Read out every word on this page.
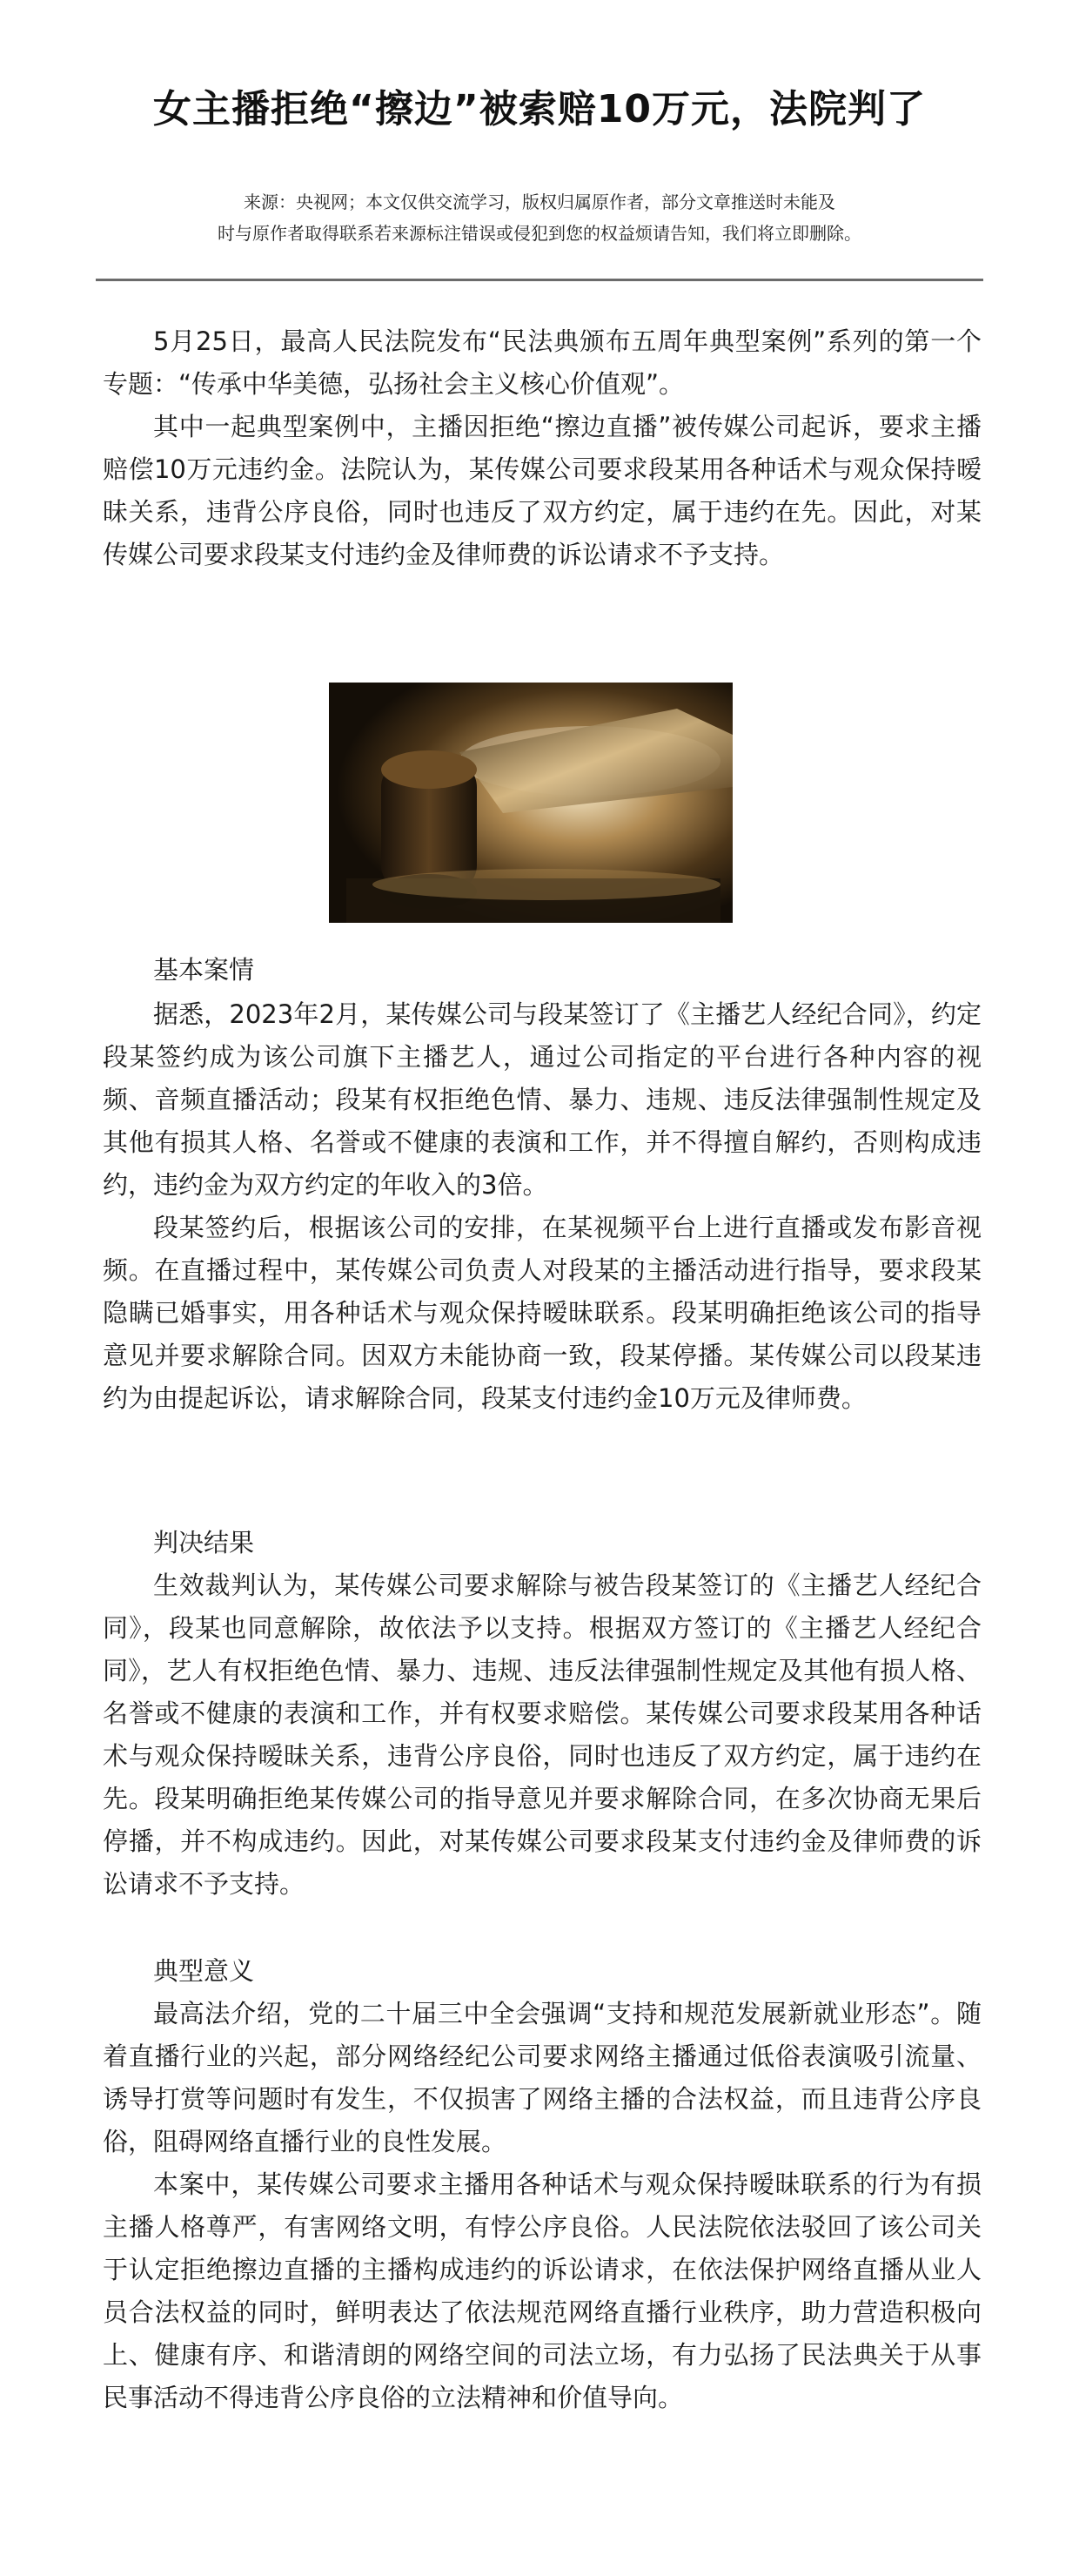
女主播拒绝“擦边”被索赔10万元，法院判了
来源：央视网；本文仅供交流学习，版权归属原作者，部分文章推送时未能及
时与原作者取得联系若来源标注错误或侵犯到您的权益烦请告知，我们将立即删除。

5月25日，最高人民法院发布“民法典颁布五周年典型案例”系列的第一个专题：“传承中华美德，弘扬社会主义核心价值观”。

其中一起典型案例中，主播因拒绝“擦边直播”被传媒公司起诉，要求主播赔偿10万元违约金。法院认为，某传媒公司要求段某用各种话术与观众保持暧昧关系，违背公序良俗，同时也违反了双方约定，属于违约在先。因此，对某传媒公司要求段某支付违约金及律师费的诉讼请求不予支持。

基本案情

据悉，2023年2月，某传媒公司与段某签订了《主播艺人经纪合同》，约定段某签约成为该公司旗下主播艺人，通过公司指定的平台进行各种内容的视频、音频直播活动；段某有权拒绝色情、暴力、违规、违反法律强制性规定及其他有损其人格、名誉或不健康的表演和工作，并不得擅自解约，否则构成违约，违约金为双方约定的年收入的3倍。

段某签约后，根据该公司的安排，在某视频平台上进行直播或发布影音视频。在直播过程中，某传媒公司负责人对段某的主播活动进行指导，要求段某隐瞒已婚事实，用各种话术与观众保持暧昧联系。段某明确拒绝该公司的指导意见并要求解除合同。因双方未能协商一致，段某停播。某传媒公司以段某违约为由提起诉讼，请求解除合同，段某支付违约金10万元及律师费。

判决结果

生效裁判认为，某传媒公司要求解除与被告段某签订的《主播艺人经纪合同》，段某也同意解除，故依法予以支持。根据双方签订的《主播艺人经纪合同》，艺人有权拒绝色情、暴力、违规、违反法律强制性规定及其他有损人格、名誉或不健康的表演和工作，并有权要求赔偿。某传媒公司要求段某用各种话术与观众保持暧昧关系，违背公序良俗，同时也违反了双方约定，属于违约在先。段某明确拒绝某传媒公司的指导意见并要求解除合同，在多次协商无果后停播，并不构成违约。因此，对某传媒公司要求段某支付违约金及律师费的诉讼请求不予支持。

典型意义

最高法介绍，党的二十届三中全会强调“支持和规范发展新就业形态”。随着直播行业的兴起，部分网络经纪公司要求网络主播通过低俗表演吸引流量、诱导打赏等问题时有发生，不仅损害了网络主播的合法权益，而且违背公序良俗，阻碍网络直播行业的良性发展。

本案中，某传媒公司要求主播用各种话术与观众保持暧昧联系的行为有损主播人格尊严，有害网络文明，有悖公序良俗。人民法院依法驳回了该公司关于认定拒绝擦边直播的主播构成违约的诉讼请求，在依法保护网络直播从业人员合法权益的同时，鲜明表达了依法规范网络直播行业秩序，助力营造积极向上、健康有序、和谐清朗的网络空间的司法立场，有力弘扬了民法典关于从事民事活动不得违背公序良俗的立法精神和价值导向。
